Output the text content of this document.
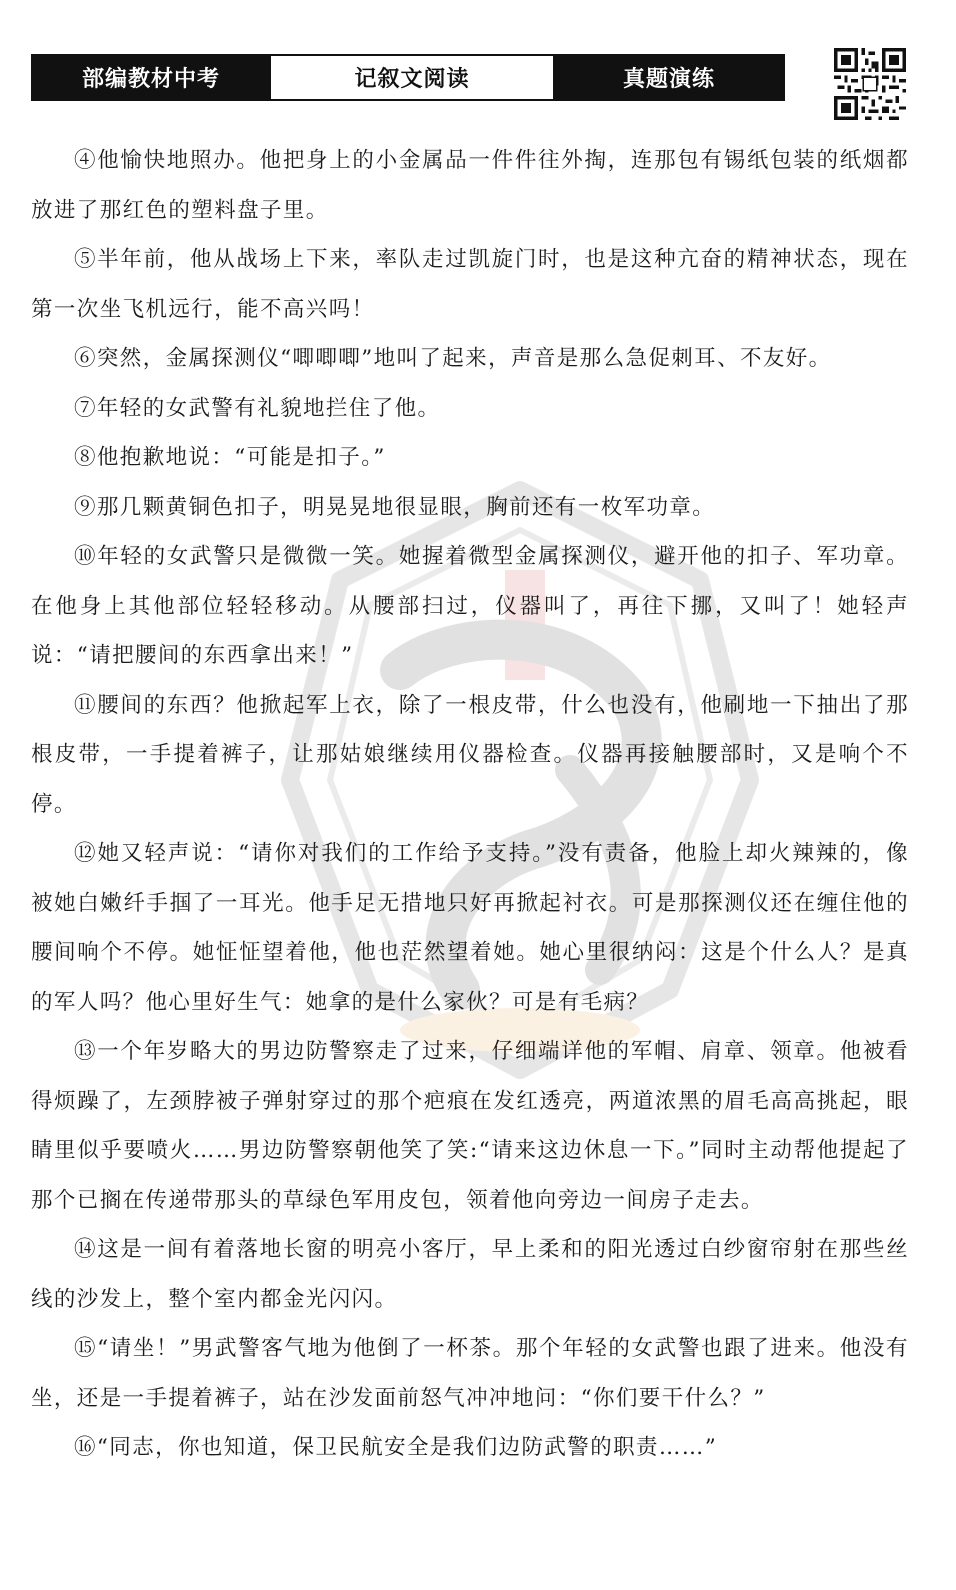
部编教材中考	记叙文阅读	真题演练

④他愉快地照办。他把身上的小金属品一件件往外掏，连那包有锡纸包装的纸烟都放进了那红色的塑料盘子里。

⑤半年前，他从战场上下来，率队走过凯旋门时，也是这种亢奋的精神状态，现在第一次坐飞机远行，能不高兴吗！

⑥突然，金属探测仪“唧唧唧”地叫了起来，声音是那么急促刺耳、不友好。

⑦年轻的女武警有礼貌地拦住了他。

⑧他抱歉地说：“可能是扣子。”

⑨那几颗黄铜色扣子，明晃晃地很显眼，胸前还有一枚军功章。

⑩年轻的女武警只是微微一笑。她握着微型金属探测仪，避开他的扣子、军功章。在他身上其他部位轻轻移动。从腰部扫过，仪器叫了，再往下挪，又叫了！她轻声说：“请把腰间的东西拿出来！”

⑪腰间的东西？他掀起军上衣，除了一根皮带，什么也没有，他刷地一下抽出了那根皮带，一手提着裤子，让那姑娘继续用仪器检查。仪器再接触腰部时，又是响个不停。

⑫她又轻声说：“请你对我们的工作给予支持。”没有责备，他脸上却火辣辣的，像被她白嫩纤手掴了一耳光。他手足无措地只好再掀起衬衣。可是那探测仪还在缠住他的腰间响个不停。她怔怔望着他，他也茫然望着她。她心里很纳闷：这是个什么人？是真的军人吗？他心里好生气：她拿的是什么家伙？可是有毛病？

⑬一个年岁略大的男边防警察走了过来，仔细端详他的军帽、肩章、领章。他被看得烦躁了，左颈脖被子弹射穿过的那个疤痕在发红透亮，两道浓黑的眉毛高高挑起，眼睛里似乎要喷火……男边防警察朝他笑了笑:“请来这边休息一下。”同时主动帮他提起了那个已搁在传递带那头的草绿色军用皮包，领着他向旁边一间房子走去。

⑭这是一间有着落地长窗的明亮小客厅，早上柔和的阳光透过白纱窗帘射在那些丝线的沙发上，整个室内都金光闪闪。

⑮“请坐！”男武警客气地为他倒了一杯茶。那个年轻的女武警也跟了进来。他没有坐，还是一手提着裤子，站在沙发面前怒气冲冲地问：“你们要干什么？”

⑯“同志，你也知道，保卫民航安全是我们边防武警的职责……”
